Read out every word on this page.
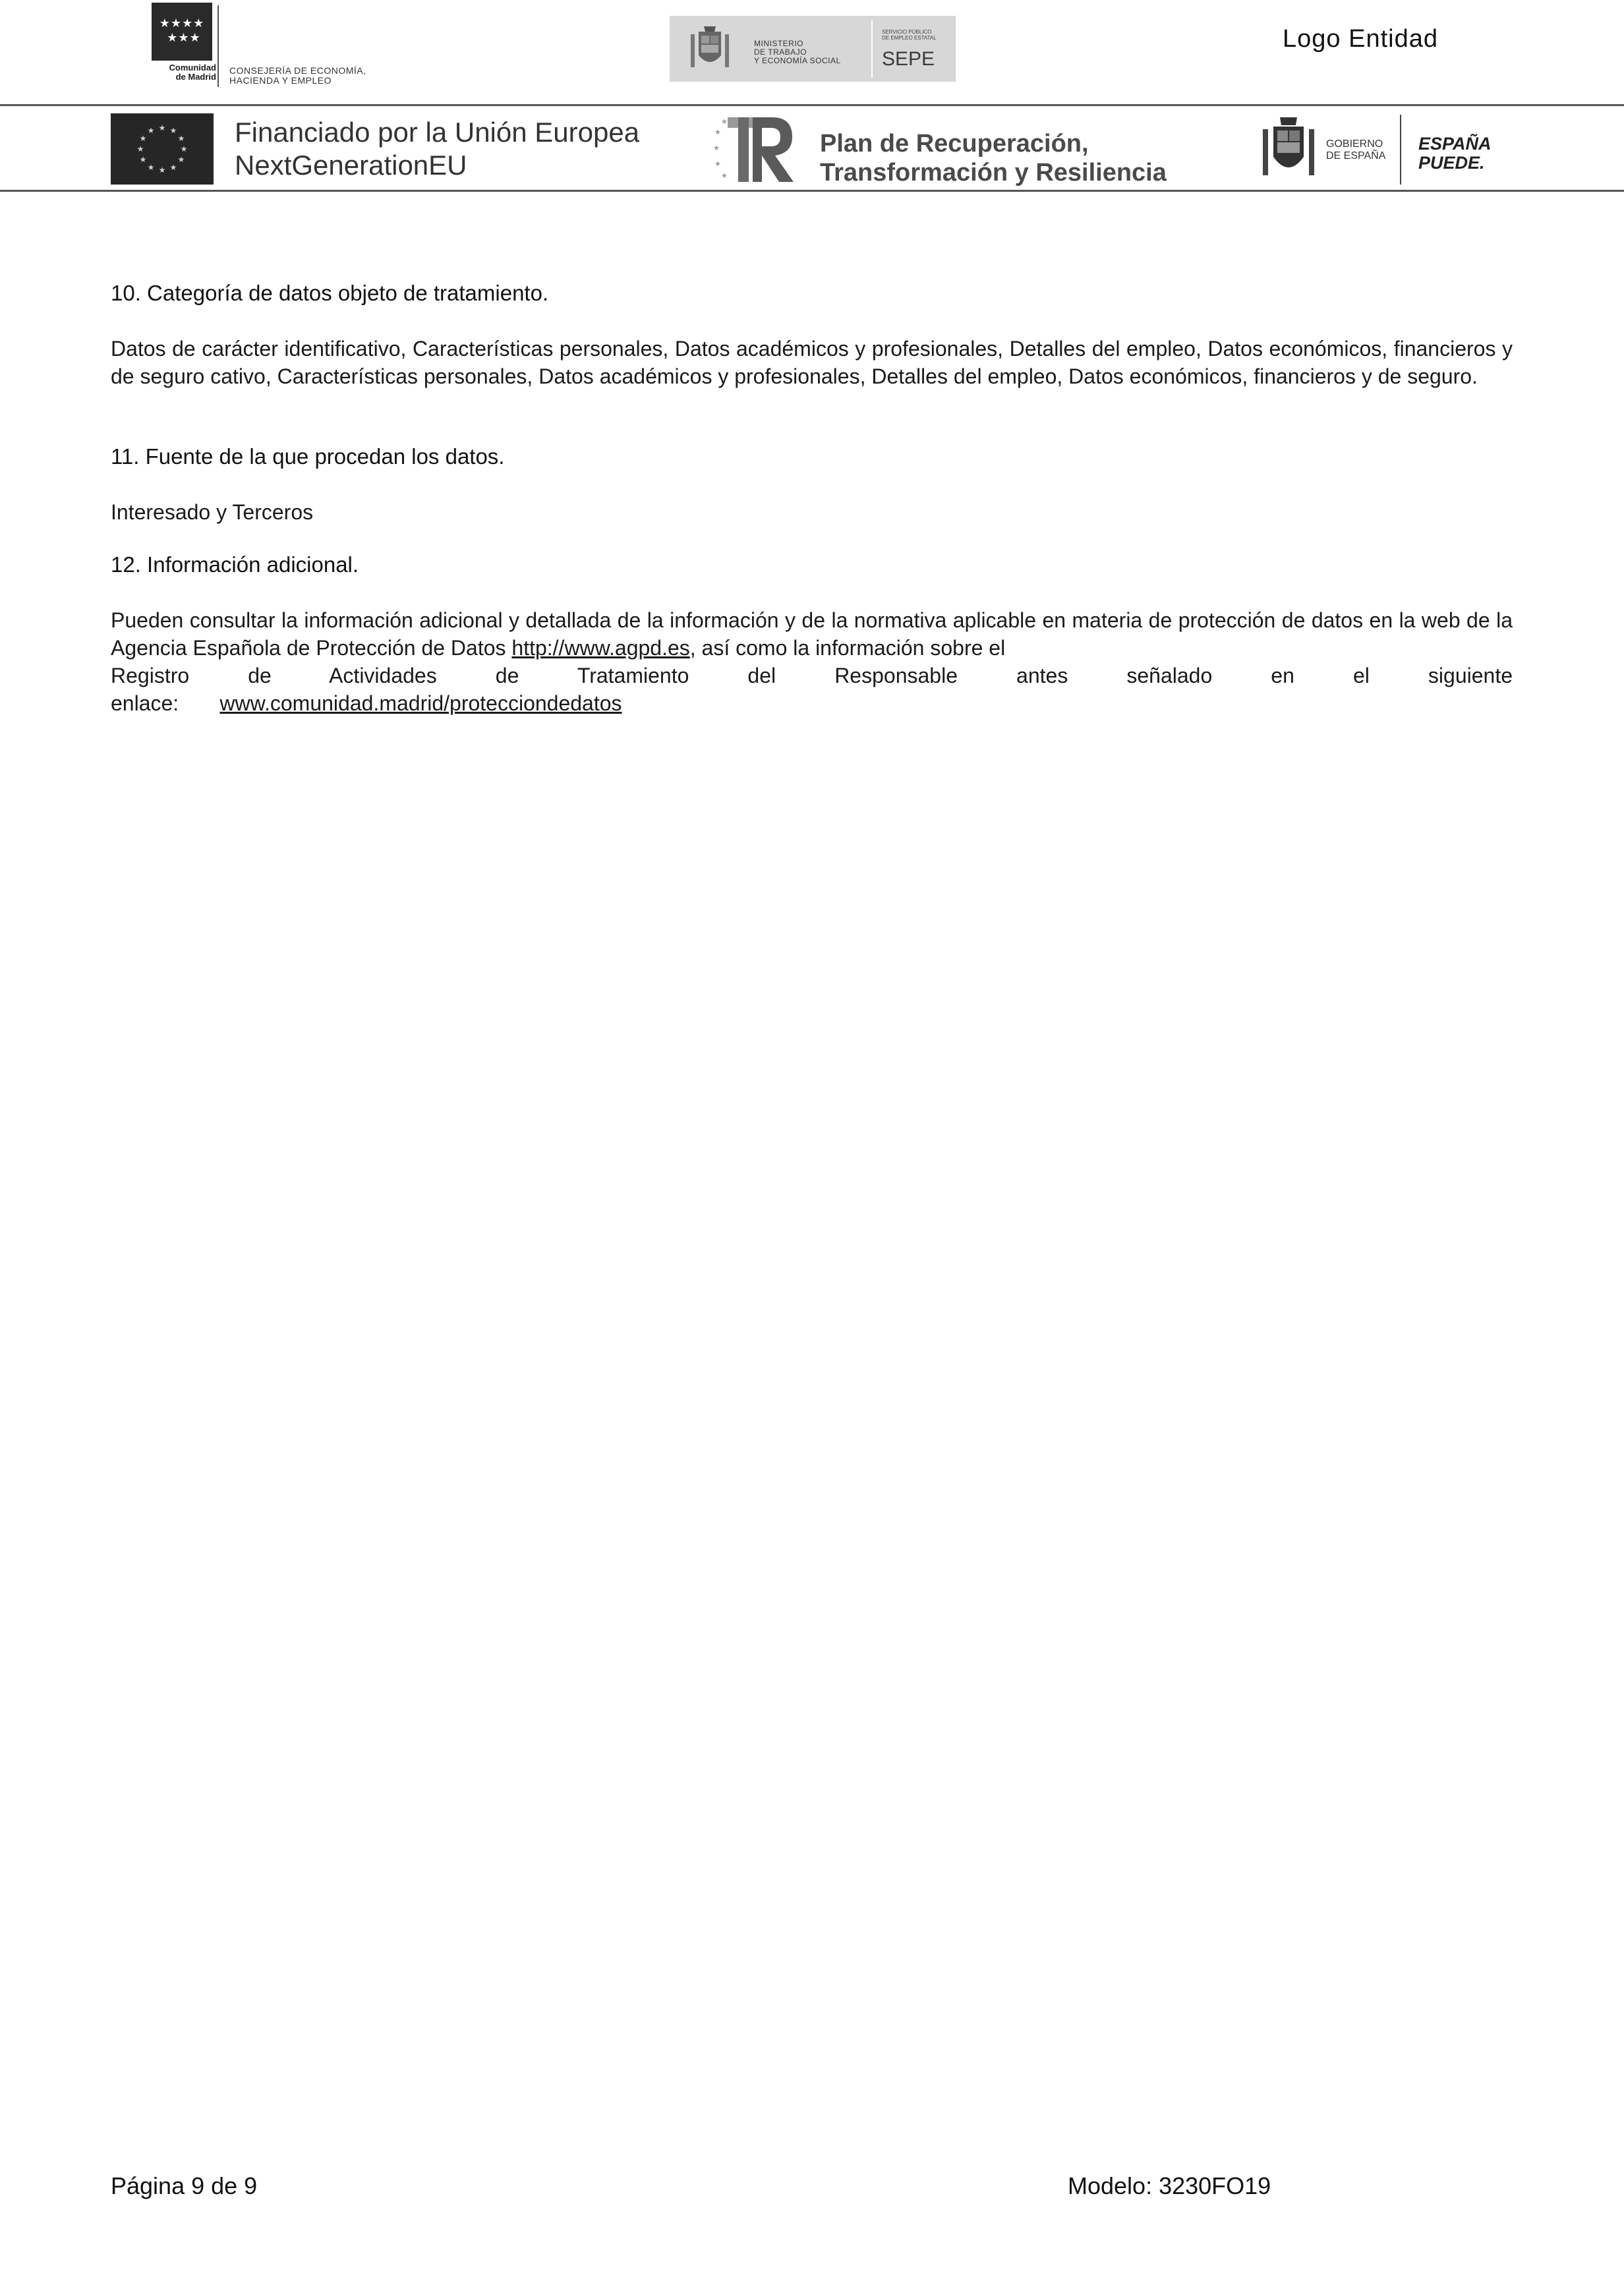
★★★★
★★★
Comunidad
de Madrid
CONSEJERÍA DE ECONOMÍA,
HACIENDA Y EMPLEO
MINISTERIO
DE TRABAJO
Y ECONOMÍA SOCIAL
SERVICIO PÚBLICO
DE EMPLEO ESTATAL
SEPE
Logo Entidad
★ ★
★
★
★
★
★
★
★
★
★
★	Financiado por la Unión Europea
NextGenerationEU
★
★
★
★
★
Plan de Recuperación,
Transformación y Resiliencia
GOBIERNO
DE ESPAÑA
ESPAÑA
PUEDE.
10. Categoría de datos objeto de tratamiento.
Datos de carácter identificativo, Características personales, Datos académicos y profesionales, Detalles del empleo, Datos económicos, financieros y de seguro cativo, Características personales, Datos académicos y profesionales, Detalles del empleo, Datos económicos, financieros y de seguro.
11. Fuente de la que procedan los datos.
Interesado y Terceros
12. Información adicional.
Pueden consultar la información adicional y detallada de la información y de la normativa aplicable en materia de protección de datos en la web de la Agencia Española de Protección de Datos http://www.agpd.es, así como la información sobre el
Registro de Actividades de Tratamiento del Responsable antes señalado en el siguiente
enlace: www.comunidad.madrid/protecciondedatos
Página 9 de 9	Modelo: 3230FO19
